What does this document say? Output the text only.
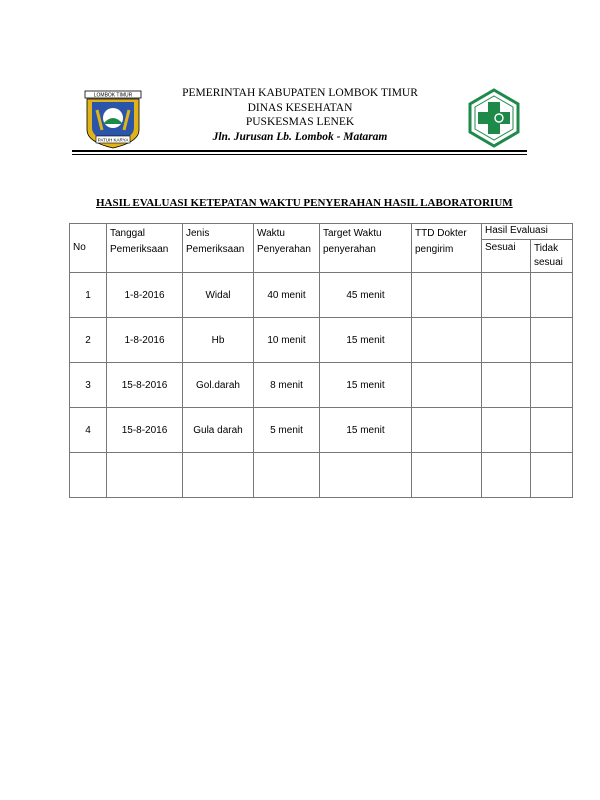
LOMBOK TIMUR
PATUH KARYA
PEMERINTAH KABUPATEN LOMBOK TIMUR
DINAS KESEHATAN
PUSKESMAS LENEK
Jln. Jurusan Lb. Lombok - Mataram
HASIL EVALUASI KETEPATAN WAKTU PENYERAHAN HASIL LABORATORIUM
No	Tanggal Pemeriksaan	Jenis Pemeriksaan	Waktu Penyerahan	Target Waktu penyerahan	TTD Dokter pengirim	Hasil Evaluasi	

						Sesuai	Tidak sesuai

1	1-8-2016	Widal	40 menit	45 menit			
2	1-8-2016	Hb	10 menit	15 menit			
3	15-8-2016	Gol.darah	8 menit	15 menit			
4	15-8-2016	Gula darah	5 menit	15 menit			
